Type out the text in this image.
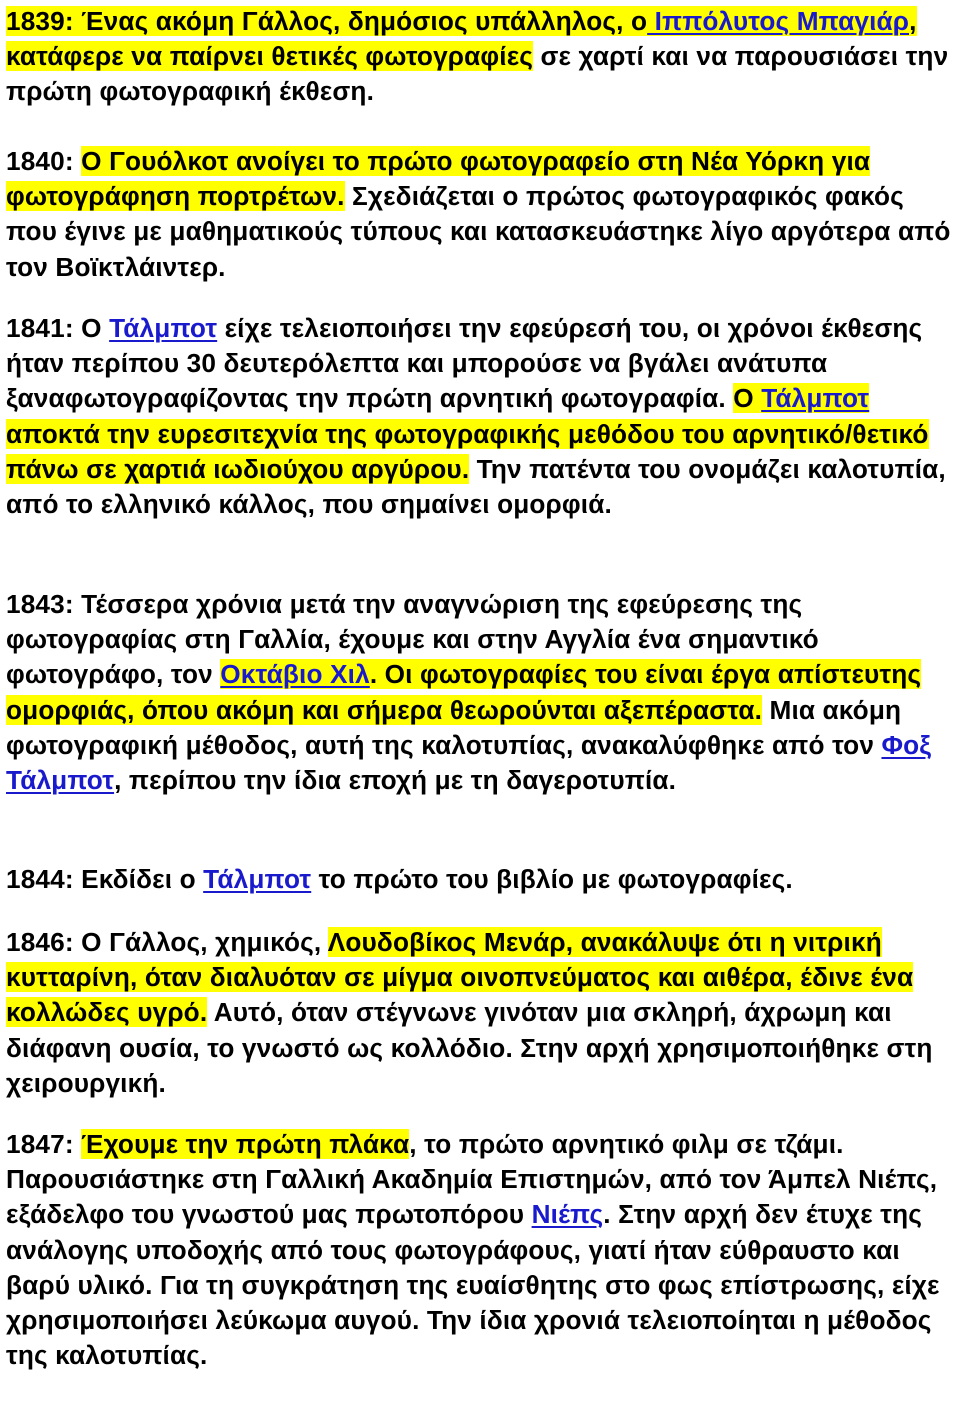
1839: Ένας ακόμη Γάλλος, δημόσιος υπάλληλος, ο Ιππόλυτος Μπαγιάρ, κατάφερε να παίρνει θετικές φωτογραφίες σε χαρτί και να παρουσιάσει την πρώτη φωτογραφική έκθεση.

1840: Ο Γουόλκοτ ανοίγει το πρώτο φωτογραφείο στη Νέα Υόρκη για φωτογράφηση πορτρέτων. Σχεδιάζεται ο πρώτος φωτογραφικός φακός που έγινε με μαθηματικούς τύπους και κατασκευάστηκε λίγο αργότερα από τον Βοϊκτλάιντερ.

1841: Ο Τάλμποτ είχε τελειοποιήσει την εφεύρεσή του, οι χρόνοι έκθεσης ήταν περίπου 30 δευτερόλεπτα και μπορούσε να βγάλει ανάτυπα ξαναφωτογραφίζοντας την πρώτη αρνητική φωτογραφία. Ο Τάλμποτ αποκτά την ευρεσιτεχνία της φωτογραφικής μεθόδου του αρνητικό/θετικό πάνω σε χαρτιά ιωδιούχου αργύρου. Την πατέντα του ονομάζει καλοτυπία, από το ελληνικό κάλλος, που σημαίνει ομορφιά.

1843: Τέσσερα χρόνια μετά την αναγνώριση της εφεύρεσης της φωτογραφίας στη Γαλλία, έχουμε και στην Αγγλία ένα σημαντικό φωτογράφο, τον Οκτάβιο Χιλ. Οι φωτογραφίες του είναι έργα απίστευτης ομορφιάς, όπου ακόμη και σήμερα θεωρούνται αξεπέραστα. Μια ακόμη φωτογραφική μέθοδος, αυτή της καλοτυπίας, ανακαλύφθηκε από τον Φοξ Τάλμποτ, περίπου την ίδια εποχή με τη δαγεροτυπία.

1844: Εκδίδει ο Τάλμποτ το πρώτο του βιβλίο με φωτογραφίες.

1846: Ο Γάλλος, χημικός, Λουδοβίκος Μενάρ, ανακάλυψε ότι η νιτρική κυτταρίνη, όταν διαλυόταν σε μίγμα οινοπνεύματος και αιθέρα, έδινε ένα κολλώδες υγρό. Αυτό, όταν στέγνωνε γινόταν μια σκληρή, άχρωμη και διάφανη ουσία, το γνωστό ως κολλόδιο. Στην αρχή χρησιμοποιήθηκε στη χειρουργική.

1847: Έχουμε την πρώτη πλάκα, το πρώτο αρνητικό φιλμ σε τζάμι. Παρουσιάστηκε στη Γαλλική Ακαδημία Επιστημών, από τον Άμπελ Νιέπς, εξάδελφο του γνωστού μας πρωτοπόρου Νιέπς. Στην αρχή δεν έτυχε της ανάλογης υποδοχής από τους φωτογράφους, γιατί ήταν εύθραυστο και βαρύ υλικό. Για τη συγκράτηση της ευαίσθητης στο φως επίστρωσης, είχε χρησιμοποιήσει λεύκωμα αυγού. Την ίδια χρονιά τελειοποίηται η μέθοδος της καλοτυπίας.
